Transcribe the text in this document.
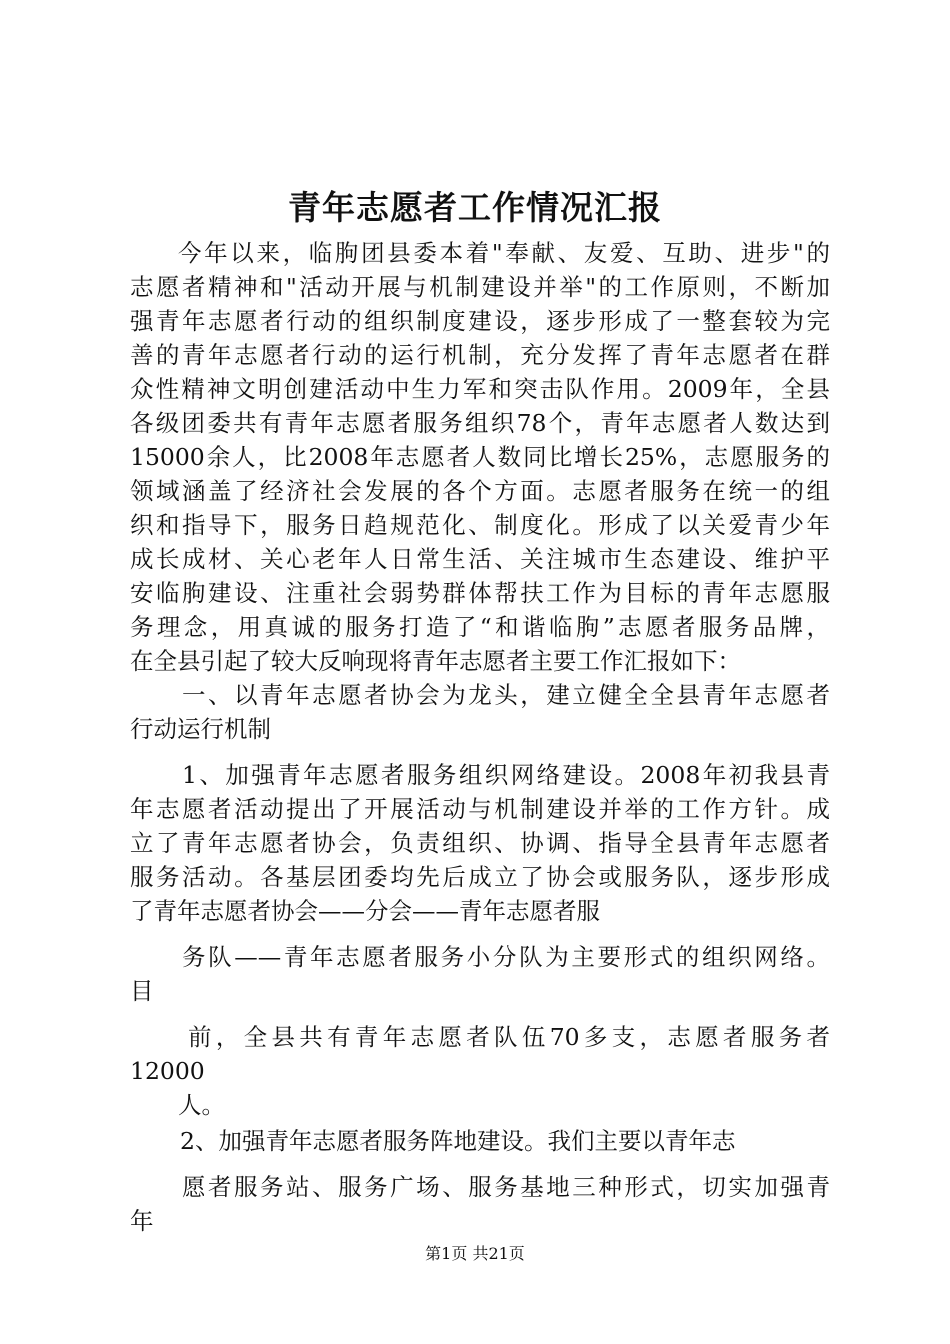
青年志愿者工作情况汇报
今年以来，临朐团县委本着"奉献、友爱、互助、进步"的
志愿者精神和"活动开展与机制建设并举"的工作原则，不断加
强青年志愿者行动的组织制度建设，逐步形成了一整套较为完
善的青年志愿者行动的运行机制，充分发挥了青年志愿者在群
众性精神文明创建活动中生力军和突击队作用。2009年，全县
各级团委共有青年志愿者服务组织78个，青年志愿者人数达到
15000余人，比2008年志愿者人数同比增长25%，志愿服务的
领域涵盖了经济社会发展的各个方面。志愿者服务在统一的组
织和指导下，服务日趋规范化、制度化。形成了以关爱青少年
成长成材、关心老年人日常生活、关注城市生态建设、维护平
安临朐建设、注重社会弱势群体帮扶工作为目标的青年志愿服
务理念，用真诚的服务打造了“和谐临朐”志愿者服务品牌，
在全县引起了较大反响现将青年志愿者主要工作汇报如下：
一、以青年志愿者协会为龙头，建立健全全县青年志愿者
行动运行机制
1、加强青年志愿者服务组织网络建设。2008年初我县青
年志愿者活动提出了开展活动与机制建设并举的工作方针。成
立了青年志愿者协会，负责组织、协调、指导全县青年志愿者
服务活动。各基层团委均先后成立了协会或服务队，逐步形成
了青年志愿者协会——分会——青年志愿者服
务队——青年志愿者服务小分队为主要形式的组织网络。
目
前，全县共有青年志愿者队伍70多支，志愿者服务者
12000
人。
2、加强青年志愿者服务阵地建设。我们主要以青年志
愿者服务站、服务广场、服务基地三种形式，切实加强青
年
第1页 共21页
